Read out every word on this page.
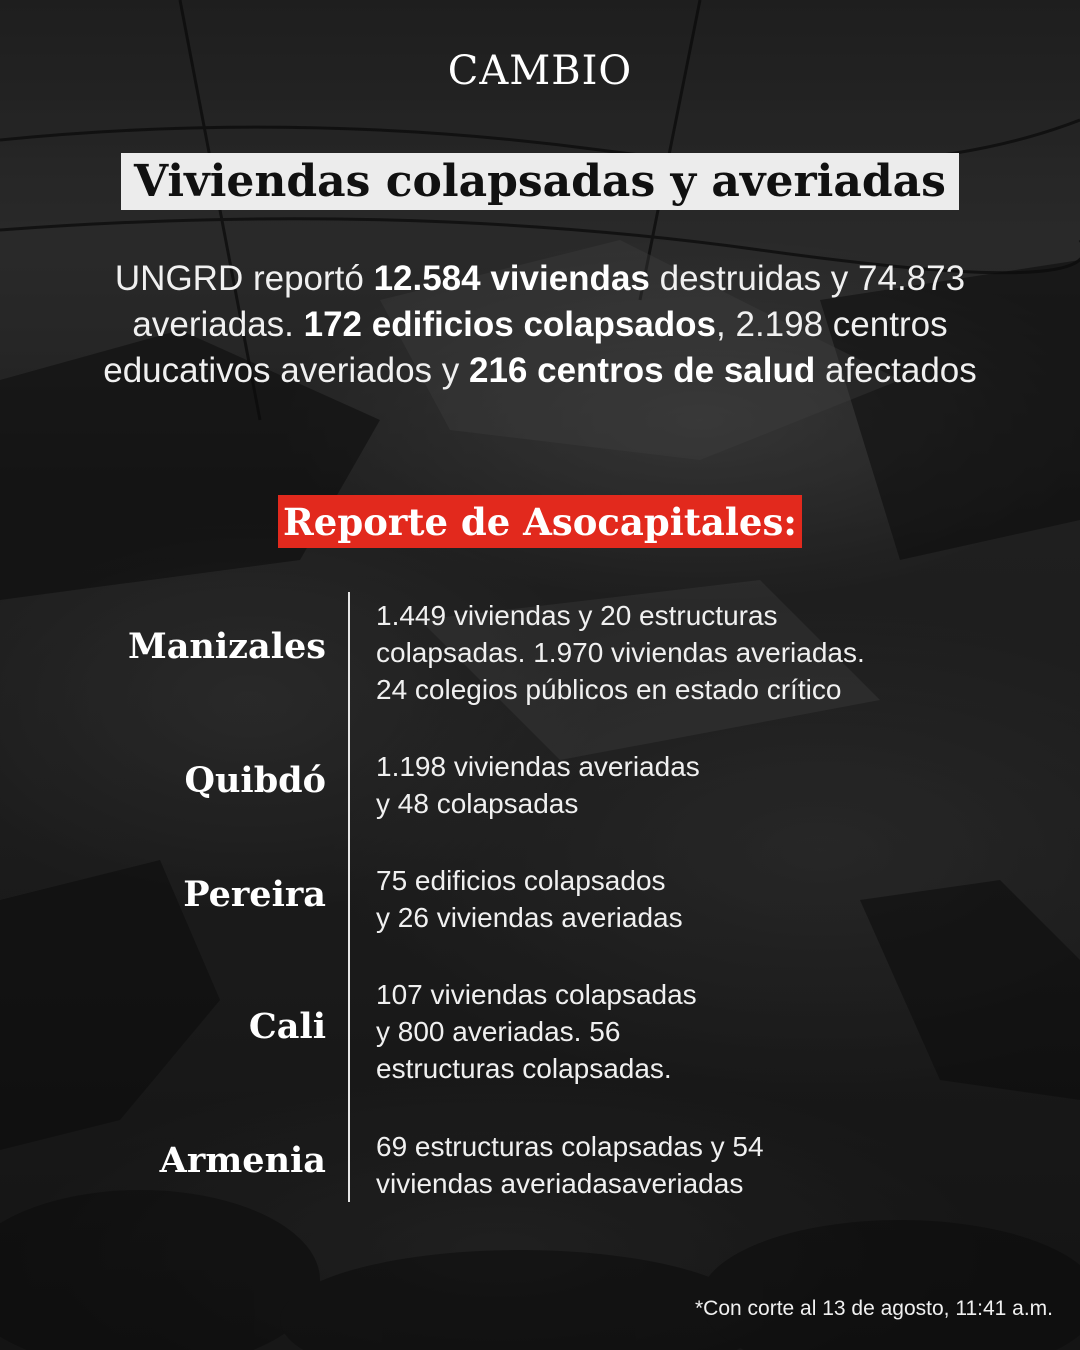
CAMBIO
Viviendas colapsadas y averiadas
UNGRD reportó 12.584 viviendas destruidas y 74.873 averiadas. 172 edificios colapsados, 2.198 centros educativos averiados y 216 centros de salud afectados
Reporte de Asocapitales:
Manizales
1.449 viviendas y 20 estructuras
colapsadas. 1.970 viviendas averiadas.
24 colegios públicos en estado crítico
Quibdó 1.198 viviendas averiadas
y 48 colapsadas
Pereira 75 edificios colapsados
y 26 viviendas averiadas
Cali
107 viviendas colapsadas
y 800 averiadas. 56
estructuras colapsadas.
Armenia 69 estructuras colapsadas y 54
viviendas averiadasaveriadas
*Con corte al 13 de agosto, 11:41 a.m.
